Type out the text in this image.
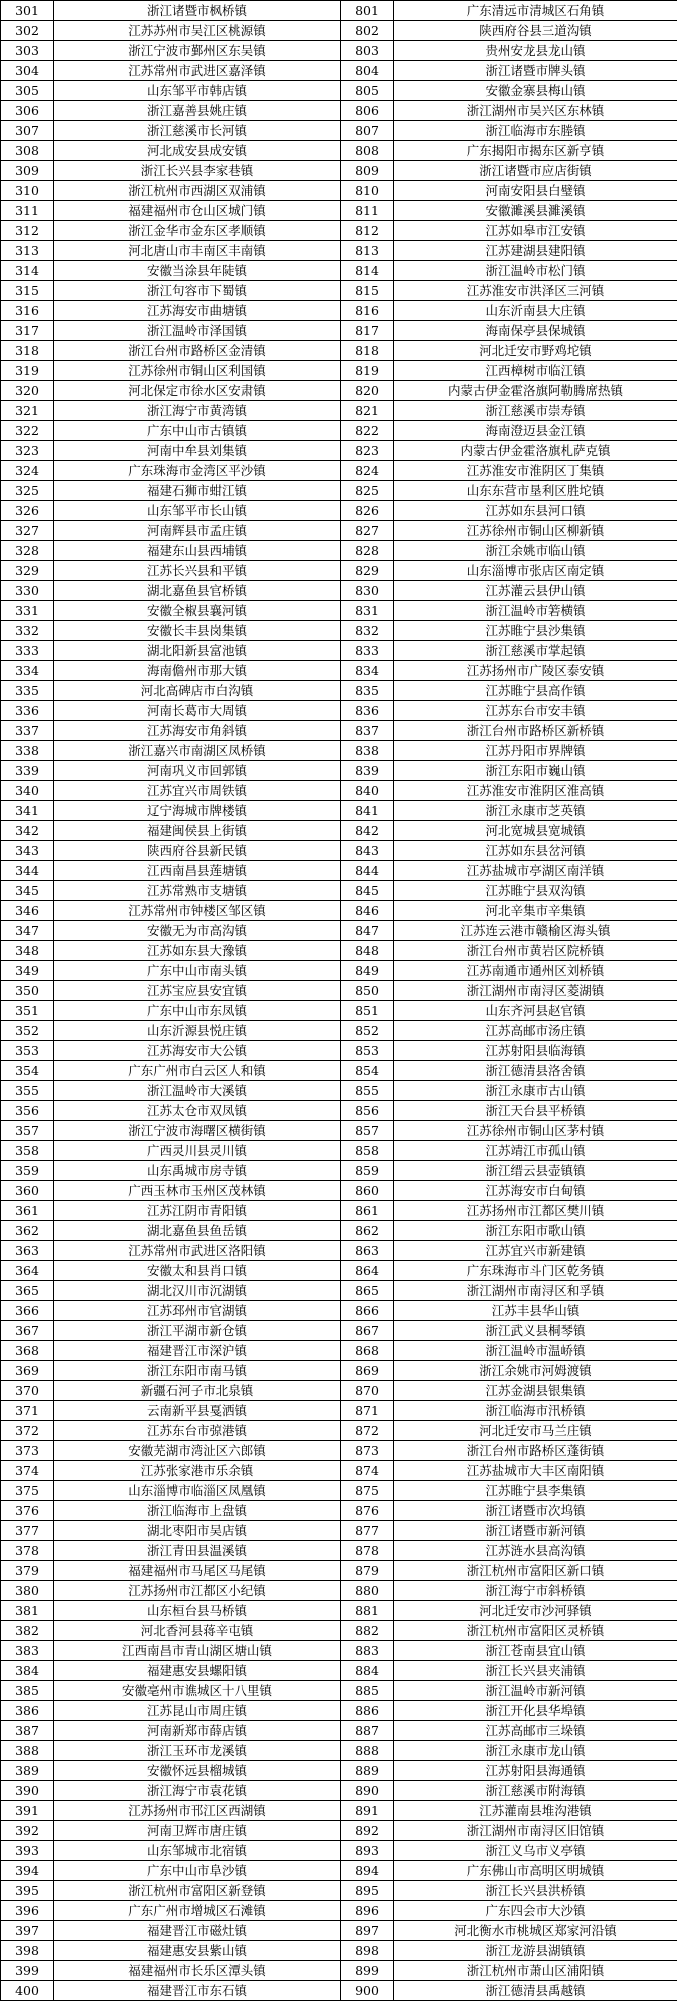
301	浙江诸暨市枫桥镇	801	广东清远市清城区石角镇
302	江苏苏州市吴江区桃源镇	802	陕西府谷县三道沟镇
303	浙江宁波市鄞州区东吴镇	803	贵州安龙县龙山镇
304	江苏常州市武进区嘉泽镇	804	浙江诸暨市牌头镇
305	山东邹平市韩店镇	805	安徽金寨县梅山镇
306	浙江嘉善县姚庄镇	806	浙江湖州市吴兴区东林镇
307	浙江慈溪市长河镇	807	浙江临海市东塍镇
308	河北成安县成安镇	808	广东揭阳市揭东区新亨镇
309	浙江长兴县李家巷镇	809	浙江诸暨市应店街镇
310	浙江杭州市西湖区双浦镇	810	河南安阳县白璧镇
311	福建福州市仓山区城门镇	811	安徽濉溪县濉溪镇
312	浙江金华市金东区孝顺镇	812	江苏如皋市江安镇
313	河北唐山市丰南区丰南镇	813	江苏建湖县建阳镇
314	安徽当涂县年陡镇	814	浙江温岭市松门镇
315	浙江句容市下蜀镇	815	江苏淮安市洪泽区三河镇
316	江苏海安市曲塘镇	816	山东沂南县大庄镇
317	浙江温岭市泽国镇	817	海南保亭县保城镇
318	浙江台州市路桥区金清镇	818	河北迁安市野鸡坨镇
319	江苏徐州市铜山区利国镇	819	江西樟树市临江镇
320	河北保定市徐水区安肃镇	820	内蒙古伊金霍洛旗阿勒腾席热镇
321	浙江海宁市黄湾镇	821	浙江慈溪市崇寿镇
322	广东中山市古镇镇	822	海南澄迈县金江镇
323	河南中牟县刘集镇	823	内蒙古伊金霍洛旗札萨克镇
324	广东珠海市金湾区平沙镇	824	江苏淮安市淮阴区丁集镇
325	福建石狮市蚶江镇	825	山东东营市垦利区胜坨镇
326	山东邹平市长山镇	826	江苏如东县河口镇
327	河南辉县市孟庄镇	827	江苏徐州市铜山区柳新镇
328	福建东山县西埔镇	828	浙江余姚市临山镇
329	江苏长兴县和平镇	829	山东淄博市张店区南定镇
330	湖北嘉鱼县官桥镇	830	江苏灌云县伊山镇
331	安徽全椒县襄河镇	831	浙江温岭市箬横镇
332	安徽长丰县岗集镇	832	江苏睢宁县沙集镇
333	湖北阳新县富池镇	833	浙江慈溪市掌起镇
334	海南儋州市那大镇	834	江苏扬州市广陵区泰安镇
335	河北高碑店市白沟镇	835	江苏睢宁县高作镇
336	河南长葛市大周镇	836	江苏东台市安丰镇
337	江苏海安市角斜镇	837	浙江台州市路桥区新桥镇
338	浙江嘉兴市南湖区凤桥镇	838	江苏丹阳市界牌镇
339	河南巩义市回郭镇	839	浙江东阳市巍山镇
340	江苏宜兴市周铁镇	840	江苏淮安市淮阴区淮高镇
341	辽宁海城市牌楼镇	841	浙江永康市芝英镇
342	福建闽侯县上街镇	842	河北宽城县宽城镇
343	陕西府谷县新民镇	843	江苏如东县岔河镇
344	江西南昌县莲塘镇	844	江苏盐城市亭湖区南洋镇
345	江苏常熟市支塘镇	845	江苏睢宁县双沟镇
346	江苏常州市钟楼区邹区镇	846	河北辛集市辛集镇
347	安徽无为市高沟镇	847	江苏连云港市赣榆区海头镇
348	江苏如东县大豫镇	848	浙江台州市黄岩区院桥镇
349	广东中山市南头镇	849	江苏南通市通州区刘桥镇
350	江苏宝应县安宜镇	850	浙江湖州市南浔区菱湖镇
351	广东中山市东凤镇	851	山东齐河县赵官镇
352	山东沂源县悦庄镇	852	江苏高邮市汤庄镇
353	江苏海安市大公镇	853	江苏射阳县临海镇
354	广东广州市白云区人和镇	854	浙江德清县洛舍镇
355	浙江温岭市大溪镇	855	浙江永康市古山镇
356	江苏太仓市双凤镇	856	浙江天台县平桥镇
357	浙江宁波市海曙区横街镇	857	江苏徐州市铜山区茅村镇
358	广西灵川县灵川镇	858	江苏靖江市孤山镇
359	山东禹城市房寺镇	859	浙江缙云县壶镇镇
360	广西玉林市玉州区茂林镇	860	江苏海安市白甸镇
361	江苏江阴市青阳镇	861	江苏扬州市江都区樊川镇
362	湖北嘉鱼县鱼岳镇	862	浙江东阳市歌山镇
363	江苏常州市武进区洛阳镇	863	江苏宜兴市新建镇
364	安徽太和县肖口镇	864	广东珠海市斗门区乾务镇
365	湖北汉川市沉湖镇	865	浙江湖州市南浔区和孚镇
366	江苏邳州市官湖镇	866	江苏丰县华山镇
367	浙江平湖市新仓镇	867	浙江武义县桐琴镇
368	福建晋江市深沪镇	868	浙江温岭市温峤镇
369	浙江东阳市南马镇	869	浙江余姚市河姆渡镇
370	新疆石河子市北泉镇	870	江苏金湖县银集镇
371	云南新平县戛洒镇	871	浙江临海市汛桥镇
372	江苏东台市弶港镇	872	河北迁安市马兰庄镇
373	安徽芜湖市湾沚区六郎镇	873	浙江台州市路桥区蓬街镇
374	江苏张家港市乐余镇	874	江苏盐城市大丰区南阳镇
375	山东淄博市临淄区凤凰镇	875	江苏睢宁县李集镇
376	浙江临海市上盘镇	876	浙江诸暨市次坞镇
377	湖北枣阳市吴店镇	877	浙江诸暨市新河镇
378	浙江青田县温溪镇	878	江苏涟水县高沟镇
379	福建福州市马尾区马尾镇	879	浙江杭州市富阳区新口镇
380	江苏扬州市江都区小纪镇	880	浙江海宁市斜桥镇
381	山东桓台县马桥镇	881	河北迁安市沙河驿镇
382	河北香河县蒋辛屯镇	882	浙江杭州市富阳区灵桥镇
383	江西南昌市青山湖区塘山镇	883	浙江苍南县宜山镇
384	福建惠安县螺阳镇	884	浙江长兴县夹浦镇
385	安徽亳州市谯城区十八里镇	885	浙江温岭市新河镇
386	江苏昆山市周庄镇	886	浙江开化县华埠镇
387	河南新郑市薛店镇	887	江苏高邮市三垛镇
388	浙江玉环市龙溪镇	888	浙江永康市龙山镇
389	安徽怀远县榴城镇	889	江苏射阳县海通镇
390	浙江海宁市袁花镇	890	浙江慈溪市附海镇
391	江苏扬州市邗江区西湖镇	891	江苏灌南县堆沟港镇
392	河南卫辉市唐庄镇	892	浙江湖州市南浔区旧馆镇
393	山东邹城市北宿镇	893	浙江义乌市义亭镇
394	广东中山市阜沙镇	894	广东佛山市高明区明城镇
395	浙江杭州市富阳区新登镇	895	浙江长兴县洪桥镇
396	广东广州市增城区石滩镇	896	广东四会市大沙镇
397	福建晋江市磁灶镇	897	河北衡水市桃城区郑家河沿镇
398	福建惠安县紫山镇	898	浙江龙游县湖镇镇
399	福建福州市长乐区潭头镇	899	浙江杭州市萧山区浦阳镇
400	福建晋江市东石镇	900	浙江德清县禹越镇
